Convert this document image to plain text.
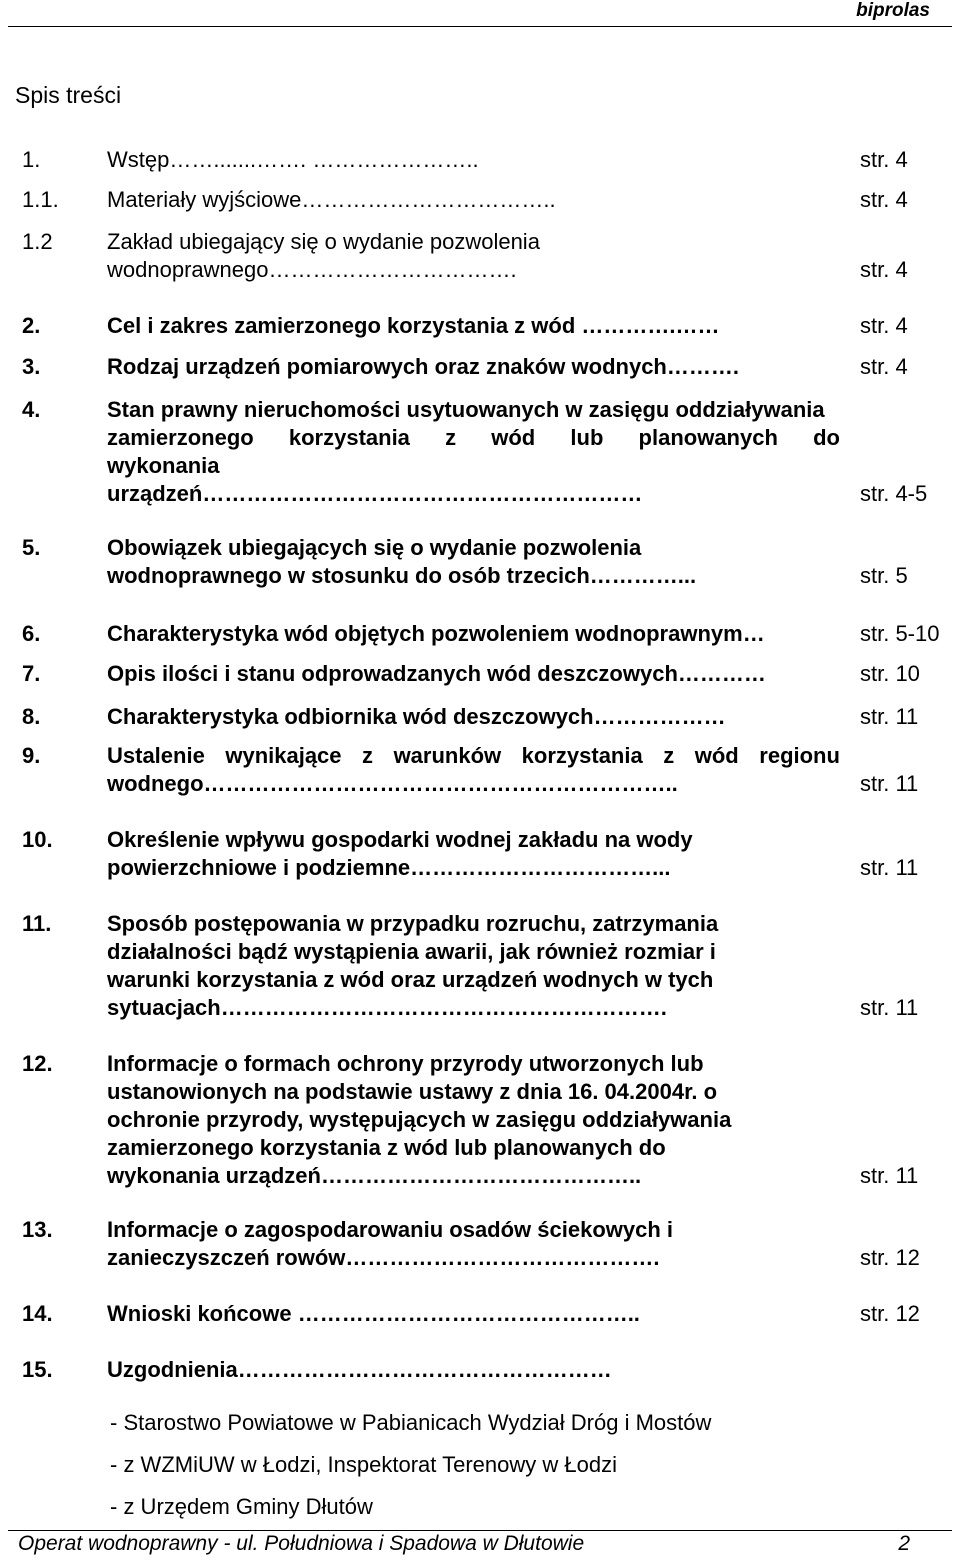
biprolas
Spis treści
1.	Wstęp…….......……. …………………..	str. 4
1.1. Materiały wyjściowe……………………………..	str. 4
1.2 Zakład ubiegający się o wydanie pozwolenia
wodnoprawnego…………………………….	str. 4
2.	Cel i zakres zamierzonego korzystania z wód ………….……	str. 4
3.	Rodzaj urządzeń pomiarowych oraz znaków wodnych……….	str. 4
4.	Stan prawny nieruchomości usytuowanych w zasięgu oddziaływania
zamierzonego korzystania z wód lub planowanych do
wykonania
urządzeń……………………………………………………	str. 4-5
5.	Obowiązek ubiegających się o wydanie pozwolenia
wodnoprawnego w stosunku do osób trzecich…………...	str. 5
6.	Charakterystyka wód objętych pozwoleniem wodnoprawnym…	str. 5-10
7.	Opis ilości i stanu odprowadzanych wód deszczowych…………	str. 10
8.	Charakterystyka odbiornika wód deszczowych………………	str. 11
9.	Ustalenie wynikające z warunków korzystania z wód regionu
wodnego………………………………………………………..	str. 11
10. Określenie wpływu gospodarki wodnej zakładu na wody
powierzchniowe i podziemne……………………………...	str. 11
11.	Sposób postępowania w przypadku rozruchu, zatrzymania
działalności bądź wystąpienia awarii, jak również rozmiar i
warunki korzystania z wód oraz urządzeń wodnych w tych
sytuacjach…………………………………………………….	str. 11
12. Informacje o formach ochrony przyrody utworzonych lub
ustanowionych na podstawie ustawy z dnia 16. 04.2004r. o
ochronie przyrody, występujących w zasięgu oddziaływania
zamierzonego korzystania z wód lub planowanych do
wykonania urządzeń……………………………………..	str. 11
13. Informacje o zagospodarowaniu osadów ściekowych i
zanieczyszczeń rowów…………………………………….	str. 12
14. Wnioski końcowe ………………………………………..	str. 12
15. Uzgodnienia……………………………………………
- Starostwo Powiatowe w Pabianicach Wydział Dróg i Mostów
- z WZMiUW w Łodzi, Inspektorat Terenowy w Łodzi
- z Urzędem Gminy Dłutów
Operat wodnoprawny - ul. Południowa i Spadowa w Dłutowie	2
